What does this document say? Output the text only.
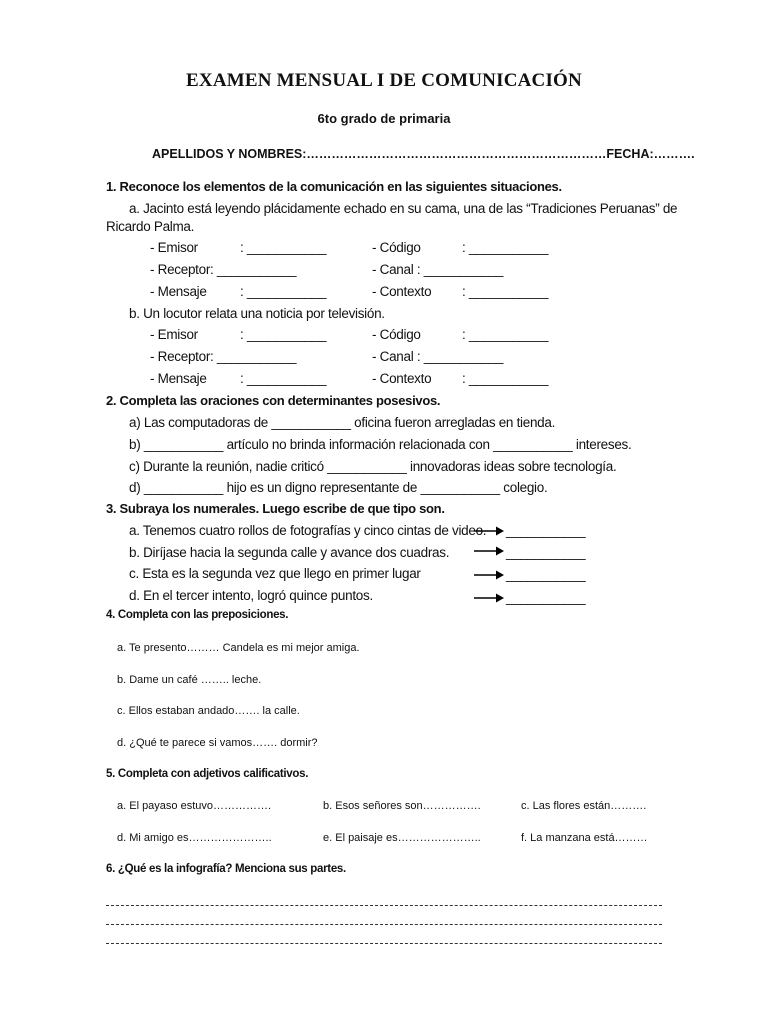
EXAMEN MENSUAL I DE COMUNICACIÓN
6to grado de primaria
APELLIDOS Y NOMBRES:………………………………………………………………FECHA:……….
1. Reconoce los elementos de la comunicación en las siguientes situaciones.
a. Jacinto está leyendo plácidamente echado en su cama, una de las “Tradiciones Peruanas” de
Ricardo Palma.
- Emisor	: ___________	- Código	: ___________
- Receptor: ___________	- Canal : ___________
- Mensaje : ___________	- Contexto : ___________
b. Un locutor relata una noticia por televisión.
- Emisor	: ___________	- Código	: ___________
- Receptor: ___________	- Canal : ___________
- Mensaje : ___________	- Contexto : ___________
2. Completa las oraciones con determinantes posesivos.
a) Las computadoras de ___________ oficina fueron arregladas en tienda.
b) ___________ artículo no brinda información relacionada con ___________ intereses.
c) Durante la reunión, nadie criticó ___________ innovadoras ideas sobre tecnología.
d) ___________ hijo es un digno representante de ___________ colegio.
3. Subraya los numerales. Luego escribe de que tipo son.
a. Tenemos cuatro rollos de fotografías y cinco cintas de video. ___________
b. Diríjase hacia la segunda calle y avance dos cuadras.	___________
c. Esta es la segunda vez que llego en primer lugar	___________
d. En el tercer intento, logró quince puntos.	___________
4. Completa con las preposiciones.
a. Te presento……… Candela es mi mejor amiga.
b. Dame un café …….. leche.
c. Ellos estaban andado……. la calle.
d. ¿Qué te parece si vamos……. dormir?
5. Completa con adjetivos calificativos.
a. El payaso estuvo…………….	b. Esos señores son…………….	c. Las flores están……….
d. Mi amigo es…………………..	e. El paisaje es…………………..	f. La manzana está………
6. ¿Qué es la infografía? Menciona sus partes.
